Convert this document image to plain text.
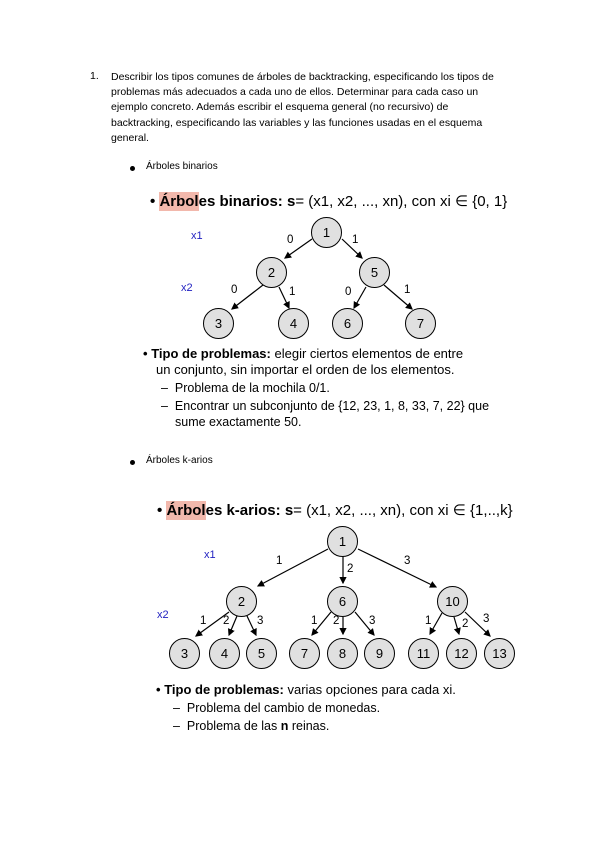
1. Describir los tipos comunes de árboles de backtracking, especificando los tipos de
problemas más adecuados a cada uno de ellos. Determinar para cada caso un
ejemplo concreto. Además escribir el esquema general (no recursivo) de
backtracking, especificando las variables y las funciones usadas en el esquema
general.
Árboles binarios
• Árboles binarios: s= (x1, x2, ..., xn), con xi ∈ {0, 1}
x1
x2
1
2	5
3	4	6	7
0	1
0	1	0	1
• Tipo de problemas: elegir ciertos elementos de entre
un conjunto, sin importar el orden de los elementos.
–  Problema de la mochila 0/1.
–  Encontrar un subconjunto de {12, 23, 1, 8, 33, 7, 22} que
sume exactamente 50.
Árboles k-arios
• Árboles k-arios: s= (x1, x2, ..., xn), con xi ∈ {1,..,k}
x1
x2
1
2	6	10
3	4	5	7	8	9	11	12	13
1
2
3
1 2 3	1 2	3	1	2 3
• Tipo de problemas: varias opciones para cada xi.
–  Problema del cambio de monedas.
–  Problema de las n reinas.
